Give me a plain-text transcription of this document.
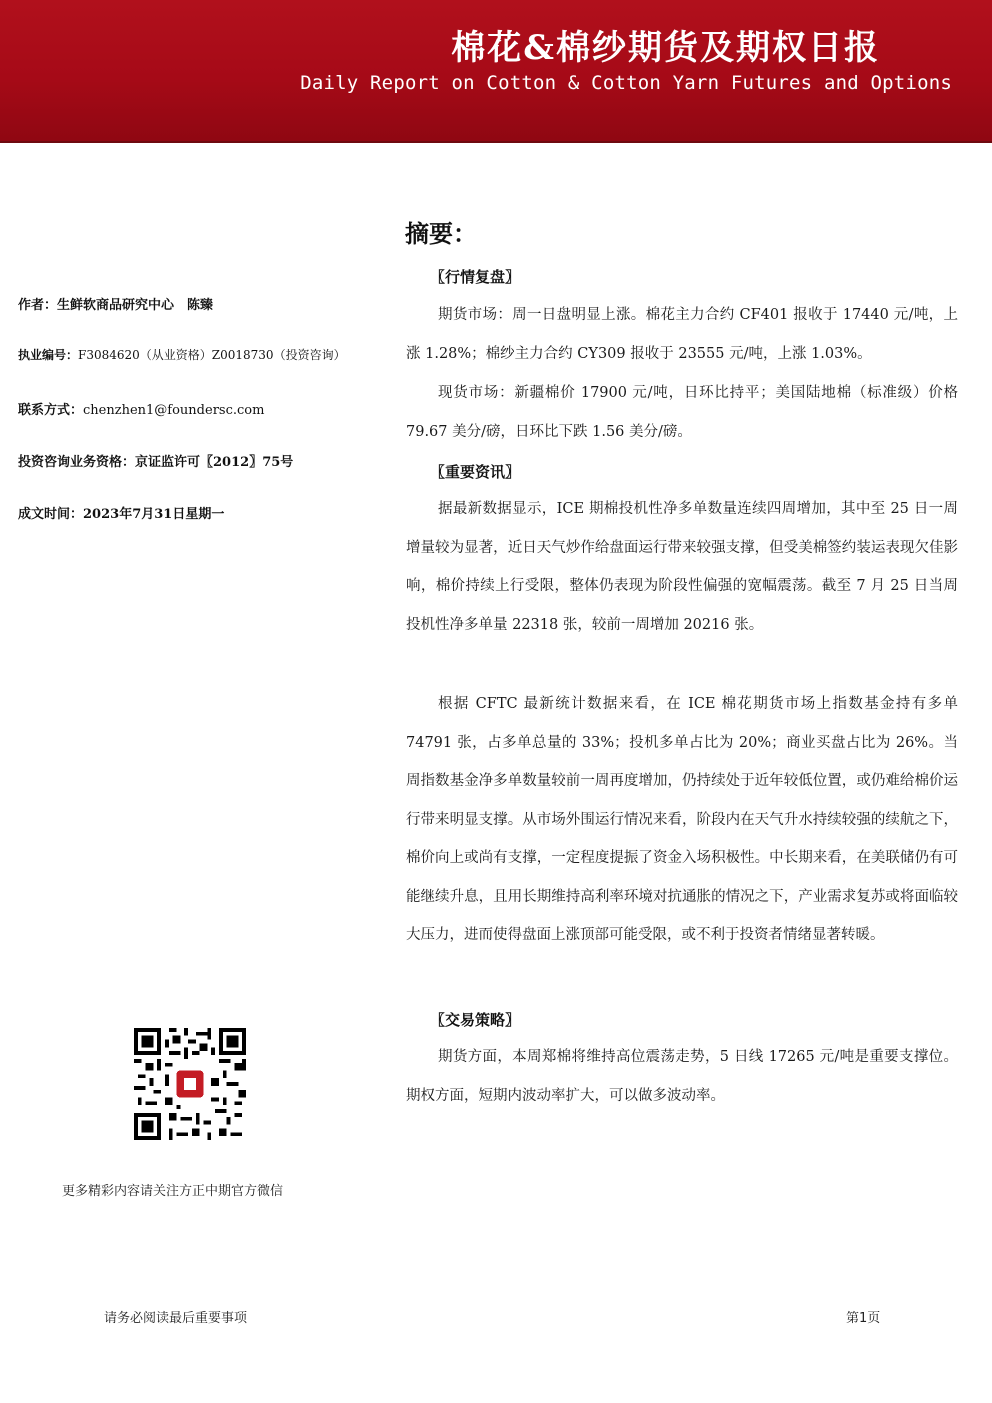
棉花&棉纱期货及期权日报
Daily Report on Cotton & Cotton Yarn Futures and Options
作者：生鲜软商品研究中心　陈臻
执业编号：F3084620（从业资格）Z0018730（投资咨询）
联系方式：chenzhen1@foundersc.com
投资咨询业务资格：京证监许可〖2012〗75号
成文时间：2023年7月31日星期一
更多精彩内容请关注方正中期官方微信
摘要：
〖行情复盘〗
期货市场：周一日盘明显上涨。棉花主力合约 CF401 报收于 17440 元/吨，上涨 1.28%；棉纱主力合约 CY309 报收于 23555 元/吨，上涨 1.03%。
现货市场：新疆棉价 17900 元/吨，日环比持平；美国陆地棉（标准级）价格 79.67 美分/磅，日环比下跌 1.56 美分/磅。
〖重要资讯〗
据最新数据显示，ICE 期棉投机性净多单数量连续四周增加，其中至 25 日一周增量较为显著，近日天气炒作给盘面运行带来较强支撑，但受美棉签约装运表现欠佳影响，棉价持续上行受限，整体仍表现为阶段性偏强的宽幅震荡。截至 7 月 25 日当周投机性净多单量 22318 张，较前一周增加 20216 张。
根据 CFTC 最新统计数据来看，在 ICE 棉花期货市场上指数基金持有多单 74791 张，占多单总量的 33%；投机多单占比为 20%；商业买盘占比为 26%。当周指数基金净多单数量较前一周再度增加，仍持续处于近年较低位置，或仍难给棉价运行带来明显支撑。从市场外围运行情况来看，阶段内在天气升水持续较强的续航之下，棉价向上或尚有支撑，一定程度提振了资金入场积极性。中长期来看，在美联储仍有可能继续升息，且用长期维持高利率环境对抗通胀的情况之下，产业需求复苏或将面临较大压力，进而使得盘面上涨顶部可能受限，或不利于投资者情绪显著转暖。
〖交易策略〗
期货方面，本周郑棉将维持高位震荡走势，5 日线 17265 元/吨是重要支撑位。期权方面，短期内波动率扩大，可以做多波动率。
请务必阅读最后重要事项	第1页
